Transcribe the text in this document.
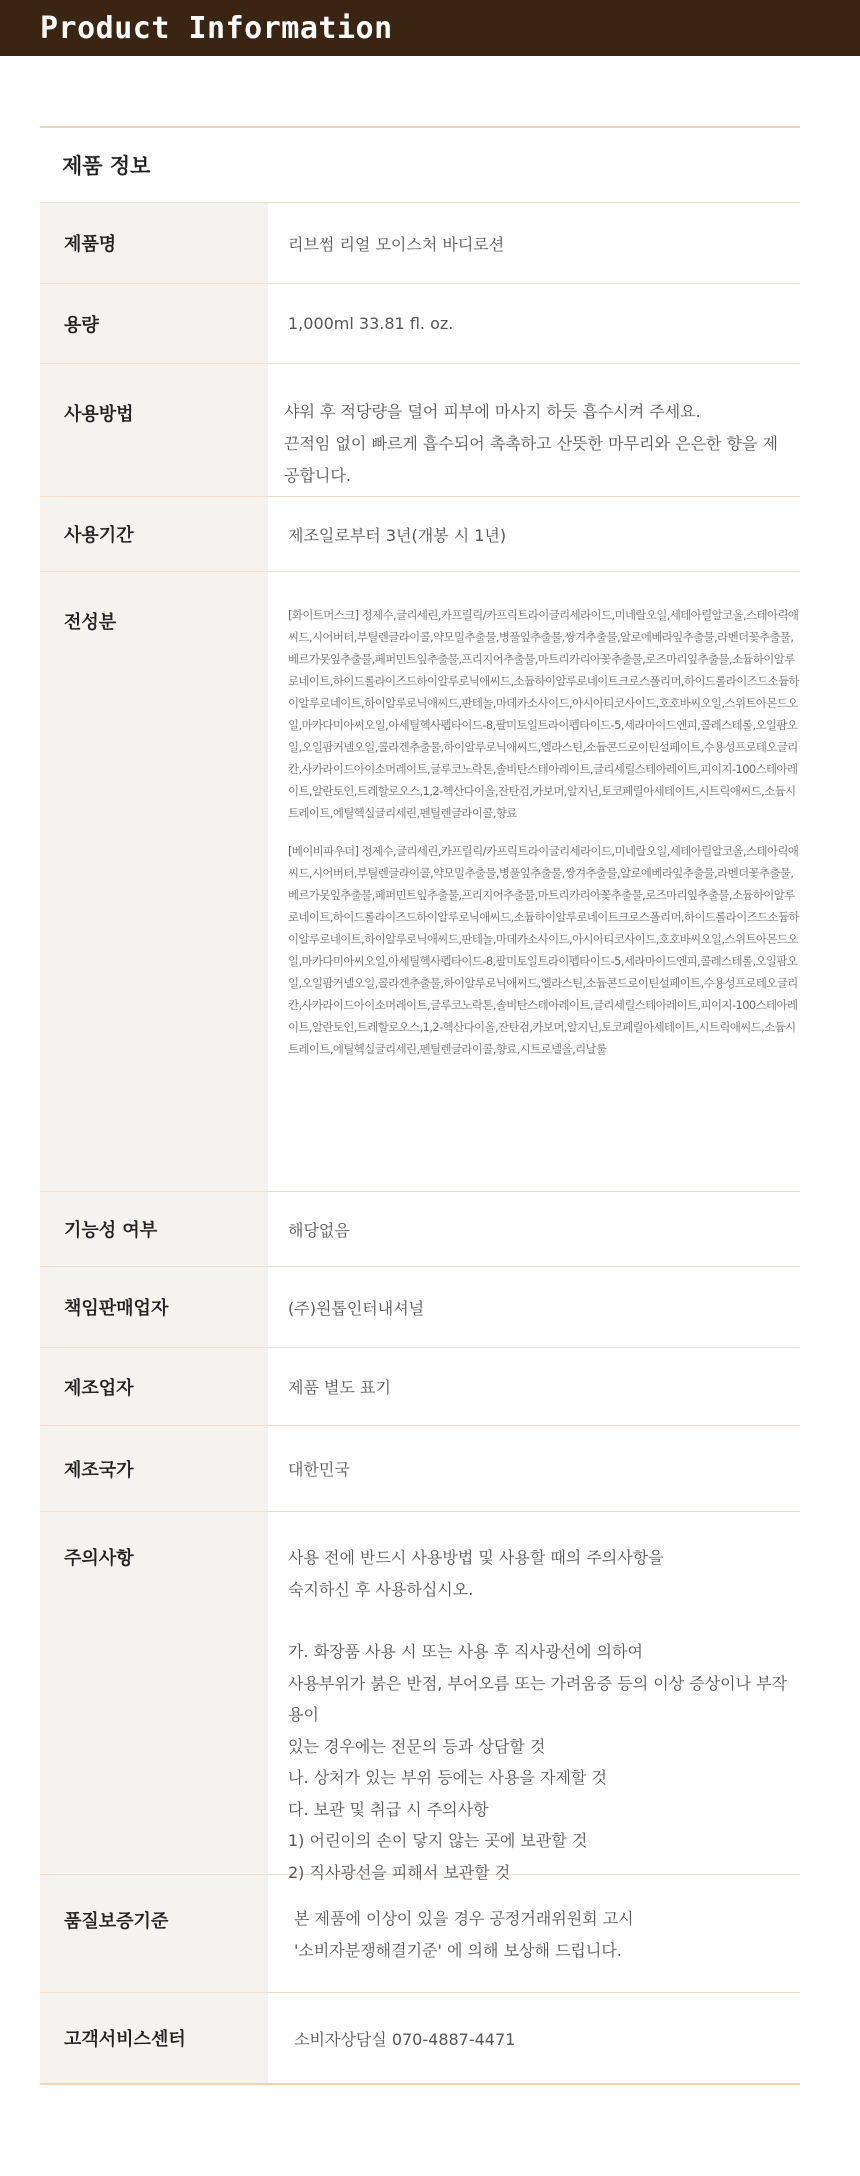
Product Information
제품 정보
제품명	리브썸 리얼 모이스처 바디로션

용량	1,000ml 33.81 fl. oz.

사용방법	샤워 후 적당량을 덜어 피부에 마사지 하듯 흡수시켜 주세요.

끈적임 없이 빠르게 흡수되어 촉촉하고 산뜻한 마무리와 은은한 향을 제공합니다.

사용기간	제조일로부터 3년(개봉 시 1년)

전성분	[화이트머스크] 정제수,글리세린,카프릴릭/카프릭트라이글리세라이드,미네랄오일,세테아릴알코올,스테아릭애씨드,시어버터,부틸렌글라이콜,약모밀추출물,병풀잎추출물,쌍겨추출물,알로에베라잎추출물,라벤더꽃추출물,베르가못잎추출물,페퍼민트잎추출물,프리지어추출물,마트리카리아꽃추출물,로즈마리잎추출물,소듐하이알루로네이트,하이드롤라이즈드하이알루로닉애씨드,소듐하이알루로네이트크로스폴리머,하이드롤라이즈드소듐하이알루로네이트,하이알루로닉애씨드,판테놀,마데카소사이드,아시아티코사이드,호호바씨오일,스위트아몬드오일,마카다미아씨오일,아세틸헥사펩타이드-8,팔미토일트라이펩타이드-5,세라마이드엔피,콜레스테롤,오일팜오일,오일팜커넬오일,콜라겐추출물,하이알루로닉애씨드,엘라스틴,소듐콘드로이틴설페이트,수용성프로테오글리칸,사카라이드아이소머레이트,글루코노락톤,솔비탄스테아레이트,글리세릴스테아레이트,피이지-100스테아레이트,알란토인,트레할로오스,1,2-헥산다이올,잔탄검,카보머,알지닌,토코페릴아세테이트,시트릭애씨드,소듐시트레이트,에틸헥실글리세린,펜틸렌글라이콜,향료

[베이비파우더] 정제수,글리세린,카프릴릭/카프릭트라이글리세라이드,미네랄오일,세테아릴알코올,스테아릭애씨드,시어버터,부틸렌글라이콜,약모밀추출물,병풀잎추출물,쌍겨추출물,알로에베라잎추출물,라벤더꽃추출물,베르가못잎추출물,페퍼민트잎추출물,프리지어추출물,마트리카리아꽃추출물,로즈마리잎추출물,소듐하이알루로네이트,하이드롤라이즈드하이알루로닉애씨드,소듐하이알루로네이트크로스폴리머,하이드롤라이즈드소듐하이알루로네이트,하이알루로닉애씨드,판테놀,마데카소사이드,아시아티코사이드,호호바씨오일,스위트아몬드오일,마카다미아씨오일,아세틸헥사펩타이드-8,팔미토일트라이펩타이드-5,세라마이드엔피,콜레스테롤,오일팜오일,오일팜커넬오일,콜라겐추출물,하이알루로닉애씨드,엘라스틴,소듐콘드로이틴설페이트,수용성프로테오글리칸,사카라이드아이소머레이트,글루코노락톤,솔비탄스테아레이트,글리세릴스테아레이트,피이지-100스테아레이트,알란토인,트레할로오스,1,2-헥산다이올,잔탄검,카보머,알지닌,토코페릴아세테이트,시트릭애씨드,소듐시트레이트,에틸헥실글리세린,펜틸렌글라이콜,향료,시트로넬올,리날룰

기능성 여부	해당없음

책임판매업자	(주)원톱인터내셔널

제조업자	제품 별도 표기

제조국가	대한민국

주의사항	사용 전에 반드시 사용방법 및 사용할 때의 주의사항을

숙지하신 후 사용하십시오.

가. 화장품 사용 시 또는 사용 후 직사광선에 의하여

사용부위가 붉은 반점, 부어오름 또는 가려움증 등의 이상 증상이나 부작용이

있는 경우에는 전문의 등과 상담할 것

나. 상처가 있는 부위 등에는 사용을 자제할 것

다. 보관 및 취급 시 주의사항

1) 어린이의 손이 닿지 않는 곳에 보관할 것

2) 직사광선을 피해서 보관할 것

품질보증기준	본 제품에 이상이 있을 경우 공정거래위원회 고시

'소비자분쟁해결기준' 에 의해 보상해 드립니다.

고객서비스센터	소비자상담실 070-4887-4471
